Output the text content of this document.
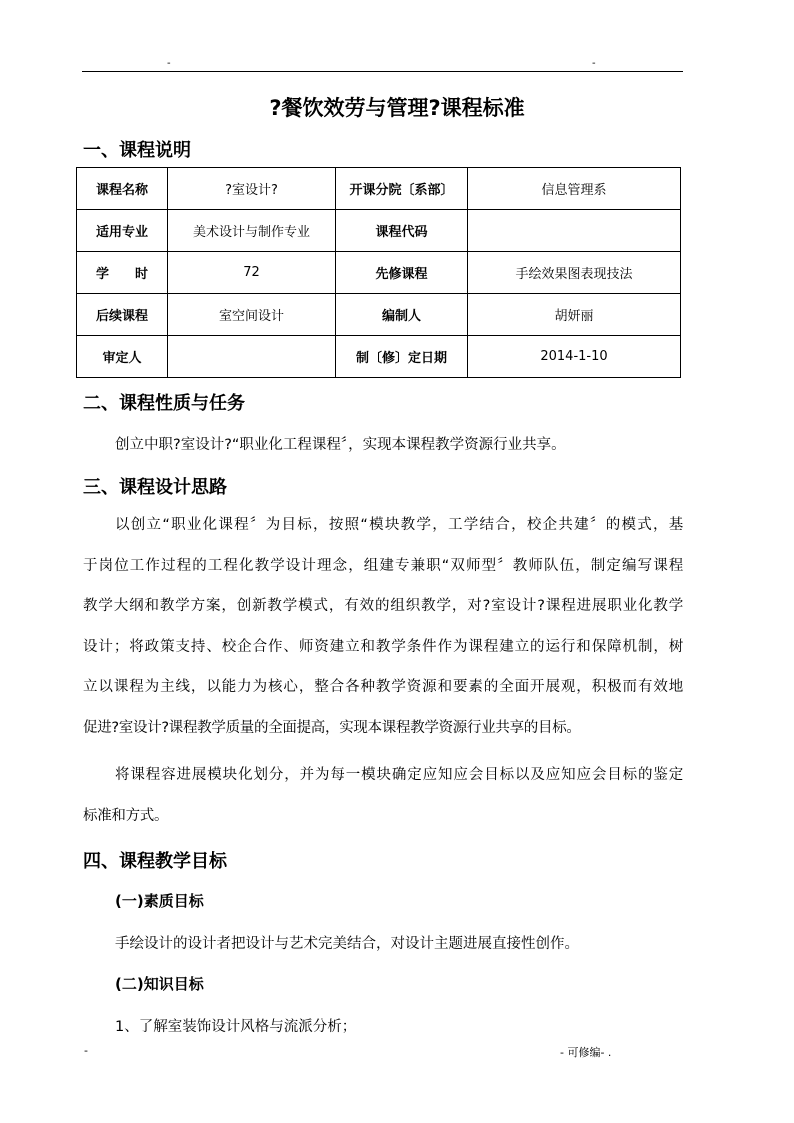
-	-
?餐饮效劳与管理?课程标准
一、课程说明
课程名称	?室设计?	开课分院〔系部〕	信息管理系
适用专业	美术设计与制作专业	课程代码	
学　　时	72	先修课程	手绘效果图表现技法
后续课程	室空间设计	编制人	胡妍丽
审定人		制〔修〕定日期	2014-1-10
二、课程性质与任务
创立中职?室设计?“职业化工程课程〞，实现本课程教学资源行业共享。
三、课程设计思路
以创立“职业化课程〞为目标，按照“模块教学，工学结合，校企共建〞的模式，基
于岗位工作过程的工程化教学设计理念，组建专兼职“双师型〞教师队伍，制定编写课程
教学大纲和教学方案，创新教学模式，有效的组织教学，对?室设计?课程进展职业化教学
设计；将政策支持、校企合作、师资建立和教学条件作为课程建立的运行和保障机制，树
立以课程为主线，以能力为核心，整合各种教学资源和要素的全面开展观，积极而有效地
促进?室设计?课程教学质量的全面提高，实现本课程教学资源行业共享的目标。
将课程容进展模块化划分，并为每一模块确定应知应会目标以及应知应会目标的鉴定
标准和方式。
四、课程教学目标
(一)素质目标
手绘设计的设计者把设计与艺术完美结合，对设计主题进展直接性创作。
(二)知识目标
1、了解室装饰设计风格与流派分析；
-	- 可修编- .
